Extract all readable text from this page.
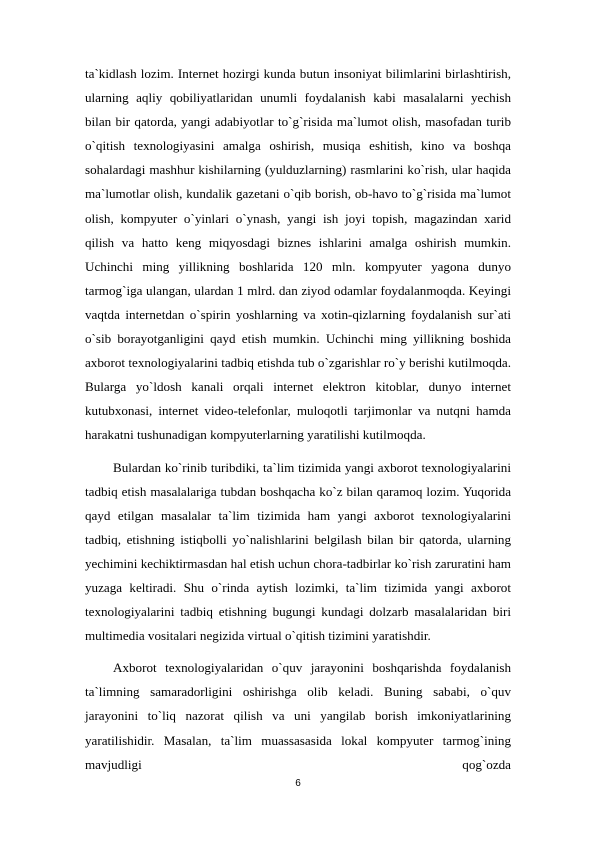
ta`kidlash lozim. Internet hozirgi kunda butun insoniyat bilimlarini birlashtirish, ularning aqliy qobiliyatlaridan unumli foydalanish kabi masalalarni yechish bilan bir qatorda, yangi adabiyotlar to`g`risida ma`lumot olish, masofadan turib o`qitish texnologiyasini amalga oshirish, musiqa eshitish, kino va boshqa sohalardagi mashhur kishilarning (yulduzlarning) rasmlarini ko`rish, ular haqida ma`lumotlar olish, kundalik gazetani o`qib borish, ob-havo to`g`risida ma`lumot olish, kompyuter o`yinlari o`ynash, yangi ish joyi topish, magazindan xarid qilish va hatto keng miqyosdagi biznes ishlarini amalga oshirish mumkin. Uchinchi ming yillikning boshlarida 120 mln. kompyuter yagona dunyo tarmog`iga ulangan, ulardan 1 mlrd. dan ziyod odamlar foydalanmoqda. Keyingi vaqtda internetdan o`spirin yoshlarning va xotin-qizlarning foydalanish sur`ati o`sib borayotganligini qayd etish mumkin. Uchinchi ming yillikning boshida axborot texnologiyalarini tadbiq etishda tub o`zgarishlar ro`y berishi kutilmoqda. Bularga yo`ldosh kanali orqali internet elektron kitoblar, dunyo internet kutubxonasi, internet video-telefonlar, muloqotli tarjimonlar va nutqni hamda harakatni tushunadigan kompyuterlarning yaratilishi kutilmoqda.

Bulardan ko`rinib turibdiki, ta`lim tizimida yangi axborot texnologiyalarini tadbiq etish masalalariga tubdan boshqacha ko`z bilan qaramoq lozim. Yuqorida qayd etilgan masalalar ta`lim tizimida ham yangi axborot texnologiyalarini tadbiq, etishning istiqbolli yo`nalishlarini belgilash bilan bir qatorda, ularning yechimini kechiktirmasdan hal etish uchun chora-tadbirlar ko`rish zaruratini ham yuzaga keltiradi. Shu o`rinda aytish lozimki, ta`lim tizimida yangi axborot texnologiyalarini tadbiq etishning bugungi kundagi dolzarb masalalaridan biri multimedia vositalari negizida virtual o`qitish tizimini yaratishdir.

Axborot texnologiyalaridan o`quv jarayonini boshqarishda foydalanish ta`limning samaradorligini oshirishga olib keladi. Buning sababi, o`quv jarayonini to`liq nazorat qilish va uni yangilab borish imkoniyatlarining yaratilishidir. Masalan, ta`lim muassasasida lokal kompyuter tarmog`ining mavjudligi qog`ozda

6
